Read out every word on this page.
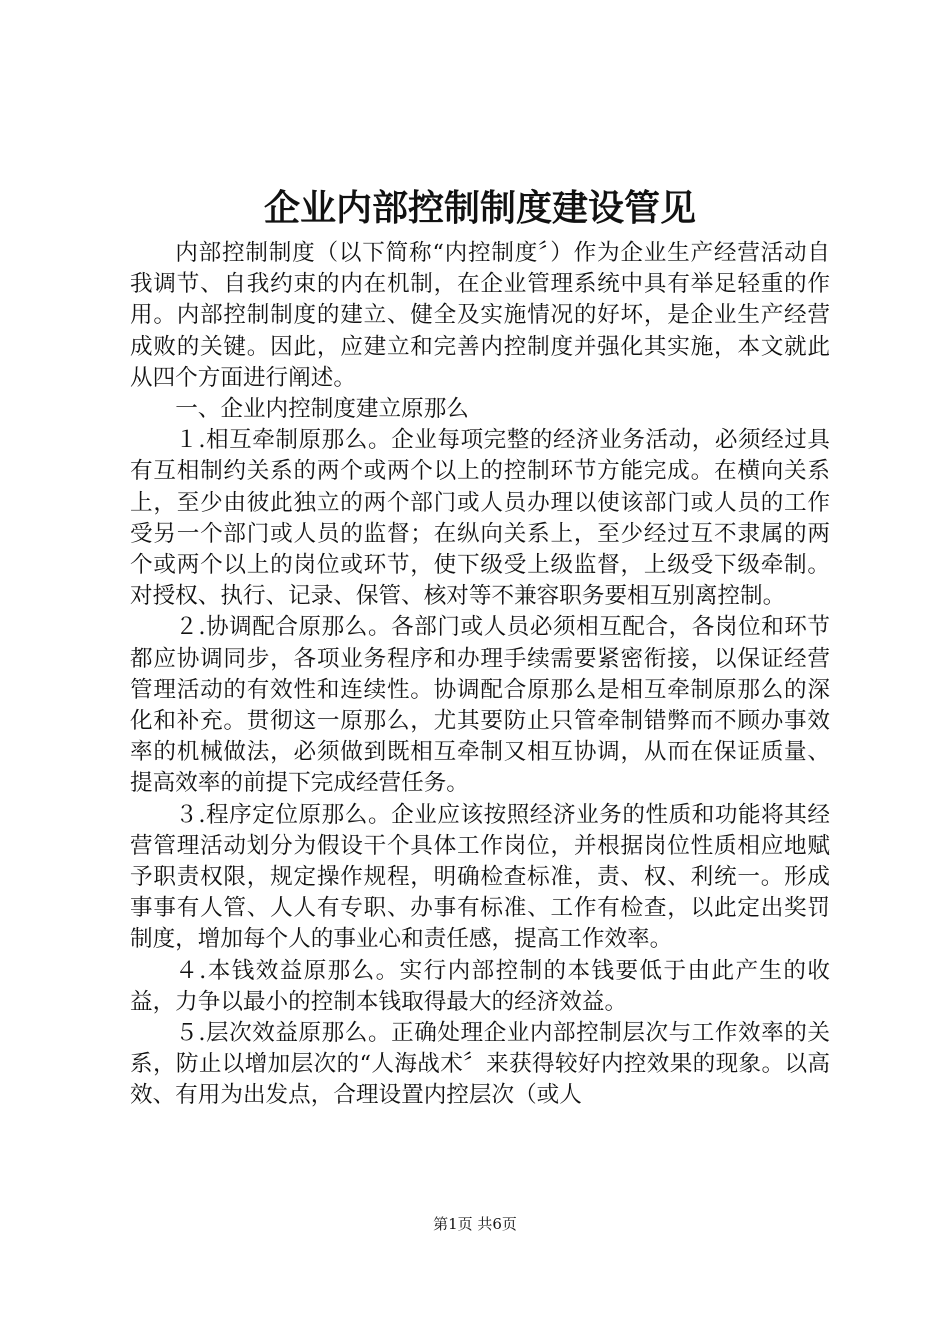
企业内部控制制度建设管见

内部控制制度（以下简称“内控制度〞）作为企业生产经营活动自我调节、自我约束的内在机制，在企业管理系统中具有举足轻重的作用。内部控制制度的建立、健全及实施情况的好坏，是企业生产经营成败的关键。因此，应建立和完善内控制度并强化其实施，本文就此从四个方面进行阐述。

一、企业内控制度建立原那么

１.相互牵制原那么。企业每项完整的经济业务活动，必须经过具有互相制约关系的两个或两个以上的控制环节方能完成。在横向关系上，至少由彼此独立的两个部门或人员办理以使该部门或人员的工作受另一个部门或人员的监督；在纵向关系上，至少经过互不隶属的两个或两个以上的岗位或环节，使下级受上级监督，上级受下级牵制。对授权、执行、记录、保管、核对等不兼容职务要相互别离控制。

２.协调配合原那么。各部门或人员必须相互配合，各岗位和环节都应协调同步，各项业务程序和办理手续需要紧密衔接，以保证经营管理活动的有效性和连续性。协调配合原那么是相互牵制原那么的深化和补充。贯彻这一原那么，尤其要防止只管牵制错弊而不顾办事效率的机械做法，必须做到既相互牵制又相互协调，从而在保证质量、提高效率的前提下完成经营任务。

３.程序定位原那么。企业应该按照经济业务的性质和功能将其经营管理活动划分为假设干个具体工作岗位，并根据岗位性质相应地赋予职责权限，规定操作规程，明确检查标准，责、权、利统一。形成事事有人管、人人有专职、办事有标准、工作有检查，以此定出奖罚制度，增加每个人的事业心和责任感，提高工作效率。

４.本钱效益原那么。实行内部控制的本钱要低于由此产生的收益，力争以最小的控制本钱取得最大的经济效益。

５.层次效益原那么。正确处理企业内部控制层次与工作效率的关系，防止以增加层次的“人海战术〞来获得较好内控效果的现象。以高效、有用为出发点，合理设置内控层次（或人

第1页 共6页
